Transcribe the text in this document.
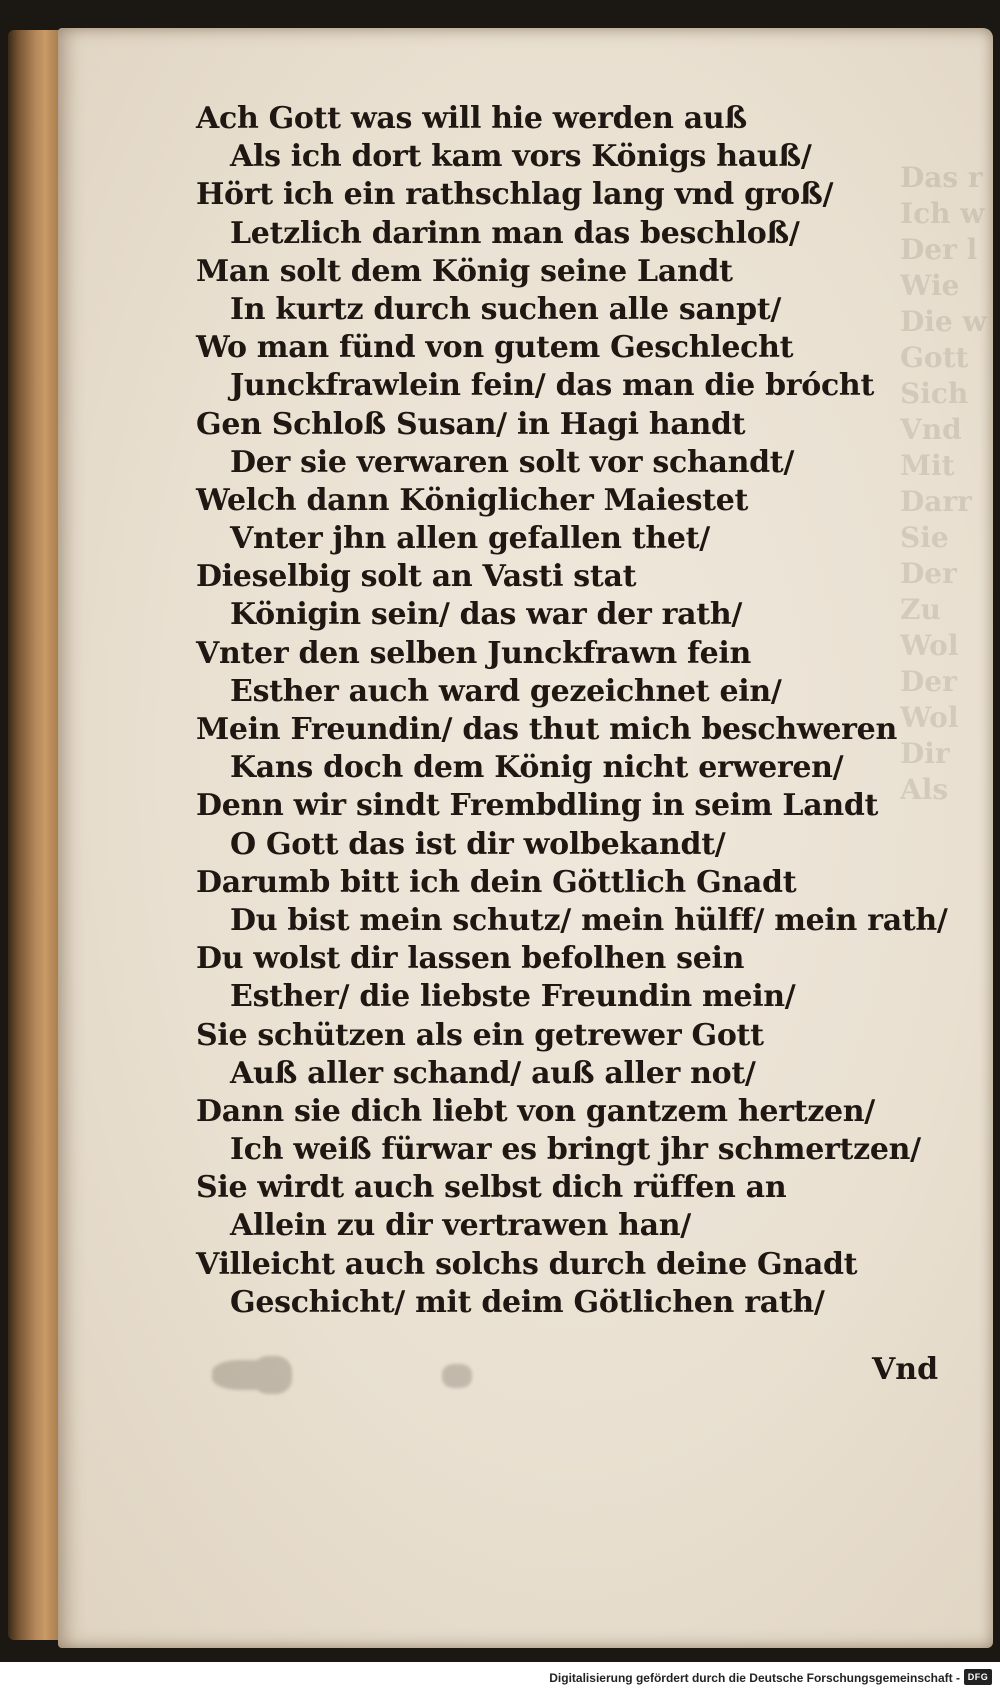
Das r
Ich w
Der l
Wie
Die w
Gott
Sich
Vnd
Mit
Darr
Sie
Der
Zu
Wol
Der
Wol
Dir
Als
Ach Gott was will hie werden auß
Als ich dort kam vors Königs hauß/
Hört ich ein rathschlag lang vnd groß/
Letzlich darinn man das beschloß/
Man solt dem König seine Landt
In kurtz durch suchen alle sanpt/
Wo man fünd von gutem Geschlecht
Junckfrawlein fein/ das man die brócht
Gen Schloß Susan/ in Hagi handt
Der sie verwaren solt vor schandt/
Welch dann Königlicher Maiestet
Vnter jhn allen gefallen thet/
Dieselbig solt an Vasti stat
Königin sein/ das war der rath/
Vnter den selben Junckfrawn fein
Esther auch ward gezeichnet ein/
Mein Freundin/ das thut mich beschweren
Kans doch dem König nicht erweren/
Denn wir sindt Frembdling in seim Landt
O Gott das ist dir wolbekandt/
Darumb bitt ich dein Göttlich Gnadt
Du bist mein schutz/ mein hülff/ mein rath/
Du wolst dir lassen befolhen sein
Esther/ die liebste Freundin mein/
Sie schützen als ein getrewer Gott
Auß aller schand/ auß aller not/
Dann sie dich liebt von gantzem hertzen/
Ich weiß fürwar es bringt jhr schmertzen/
Sie wirdt auch selbst dich rüffen an
Allein zu dir vertrawen han/
Villeicht auch solchs durch deine Gnadt
Geschicht/ mit deim Götlichen rath/
Vnd
Digitalisierung gefördert durch die Deutsche Forschungsgemeinschaft - DFG
